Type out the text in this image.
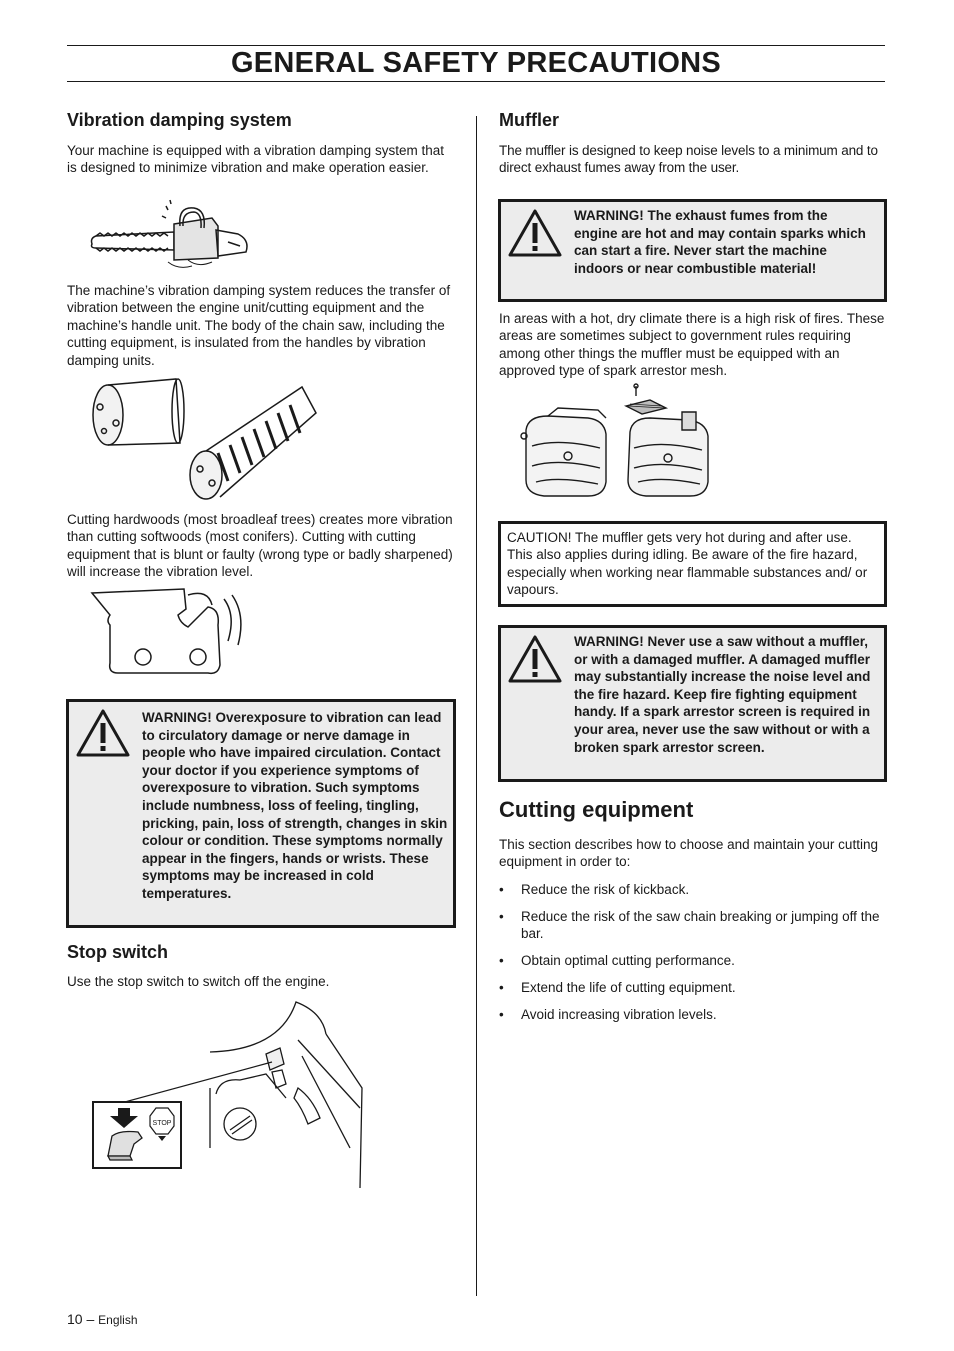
GENERAL SAFETY PRECAUTIONS
Vibration damping system

Your machine is equipped with a vibration damping system that is designed to minimize vibration and make operation easier.

The machine’s vibration damping system reduces the transfer of vibration between the engine unit/cutting equipment and the machine’s handle unit. The body of the chain saw, including the cutting equipment, is insulated from the handles by vibration damping units.

Cutting hardwoods (most broadleaf trees) creates more vibration than cutting softwoods (most conifers). Cutting with cutting equipment that is blunt or faulty (wrong type or badly sharpened) will increase the vibration level.

WARNING! Overexposure to vibration can lead to circulatory damage or nerve damage in people who have impaired circulation. Contact your doctor if you experience symptoms of overexposure to vibration. Such symptoms include numbness, loss of feeling, tingling, pricking, pain, loss of strength, changes in skin colour or condition. These symptoms normally appear in the fingers, hands or wrists. These symptoms may be increased in cold temperatures.
Stop switch

Use the stop switch to switch off the engine.

STOP
Muffler

The muffler is designed to keep noise levels to a minimum and to direct exhaust fumes away from the user.

WARNING! The exhaust fumes from the engine are hot and may contain sparks which can start a fire. Never start the machine indoors or near combustible material!

In areas with a hot, dry climate there is a high risk of fires. These areas are sometimes subject to government rules requiring among other things the muffler must be equipped with an approved type of spark arrestor mesh.

CAUTION! The muffler gets very hot during and after use. This also applies during idling. Be aware of the fire hazard, especially when working near flammable substances and/ or vapours.
WARNING! Never use a saw without a muffler, or with a damaged muffler. A damaged muffler may substantially increase the noise level and the fire hazard. Keep fire fighting equipment handy. If a spark arrestor screen is required in your area, never use the saw without or with a broken spark arrestor screen.
Cutting equipment

This section describes how to choose and maintain your cutting equipment in order to:

• Reduce the risk of kickback.
• Reduce the risk of the saw chain breaking or jumping off the bar.
• Obtain optimal cutting performance.
• Extend the life of cutting equipment.
• Avoid increasing vibration levels.
10 – English
